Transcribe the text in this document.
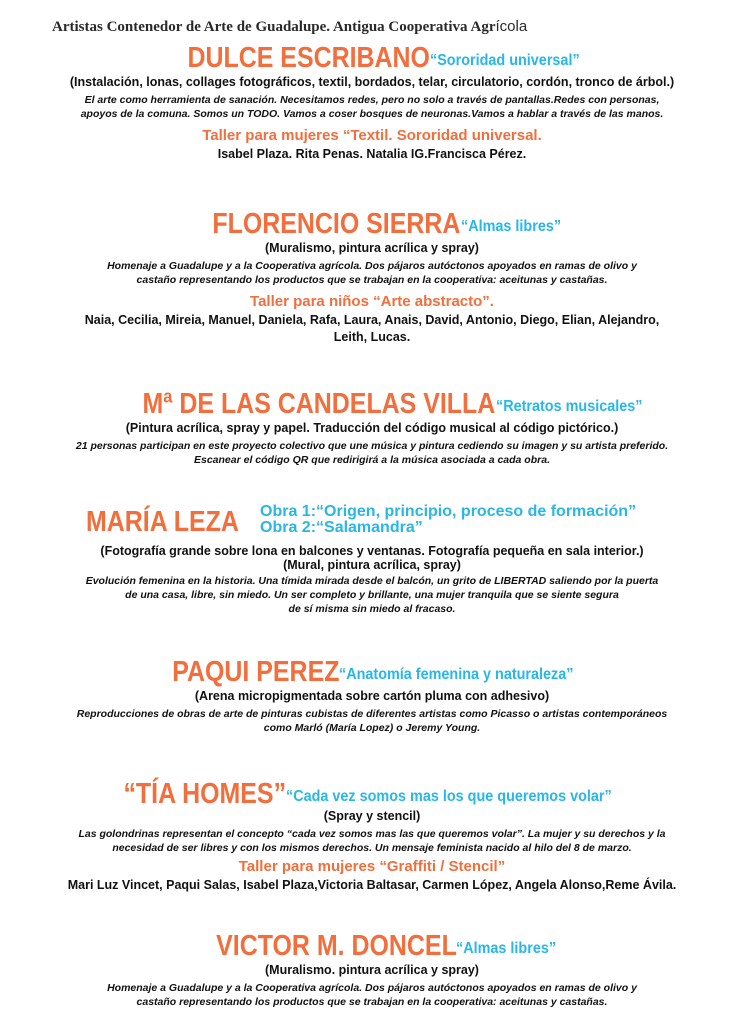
Artistas Contenedor de Arte de Guadalupe. Antigua Cooperativa Agrícola
DULCE ESCRIBANO“Sororidad universal”
(Instalación, lonas, collages fotográficos, textil, bordados, telar, circulatorio, cordón, tronco de árbol.)
El arte como herramienta de sanación. Necesitamos redes, pero no solo a través de pantallas.Redes con personas,
apoyos de la comuna. Somos un TODO. Vamos a coser bosques de neuronas.Vamos a hablar a través de las manos.
Taller para mujeres “Textil. Sororidad universal.
Isabel Plaza. Rita Penas. Natalia IG.Francisca Pérez.
FLORENCIO SIERRA“Almas libres”
(Muralismo, pintura acrílica y spray)
Homenaje a Guadalupe y a la Cooperativa agrícola. Dos pájaros autóctonos apoyados en ramas de olivo y
castaño representando los productos que se trabajan en la cooperativa: aceitunas y castañas.
Taller para niños “Arte abstracto”.
Naia, Cecilia, Mireia, Manuel, Daniela, Rafa, Laura, Anais, David, Antonio, Diego, Elian, Alejandro,
Leith, Lucas.
Mª DE LAS CANDELAS VILLA“Retratos musicales”
(Pintura acrílica, spray y papel. Traducción del código musical al código pictórico.)
21 personas participan en este proyecto colectivo que une música y pintura cediendo su imagen y su artista preferido.
Escanear el código QR que redirigirá a la música asociada a cada obra.
MARÍA LEZA Obra 1:“Origen, principio, proceso de formación”
Obra 2:“Salamandra”
(Fotografía grande sobre lona en balcones y ventanas. Fotografía pequeña en sala interior.)
(Mural, pintura acrílica, spray)
Evolución femenina en la historia. Una tímida mirada desde el balcón, un grito de LIBERTAD saliendo por la puerta
de una casa, libre, sin miedo. Un ser completo y brillante, una mujer tranquila que se siente segura
de sí misma sin miedo al fracaso.
PAQUI PEREZ“Anatomía femenina y naturaleza”
(Arena micropigmentada sobre cartón pluma con adhesivo)
Reproducciones de obras de arte de pinturas cubistas de diferentes artistas como Picasso o artistas contemporáneos
como Marló (María Lopez) o Jeremy Young.
“TÍA HOMES”“Cada vez somos mas los que queremos volar”
(Spray y stencil)
Las golondrinas representan el concepto “cada vez somos mas las que queremos volar”. La mujer y su derechos y la
necesidad de ser libres y con los mismos derechos. Un mensaje feminista nacido al hilo del 8 de marzo.
Taller para mujeres “Graffiti / Stencil”
Mari Luz Vincet, Paqui Salas, Isabel Plaza,Victoria Baltasar, Carmen López, Angela Alonso,Reme Ávila.
VICTOR M. DONCEL“Almas libres”
(Muralismo. pintura acrílica y spray)
Homenaje a Guadalupe y a la Cooperativa agrícola. Dos pájaros autóctonos apoyados en ramas de olivo y
castaño representando los productos que se trabajan en la cooperativa: aceitunas y castañas.
